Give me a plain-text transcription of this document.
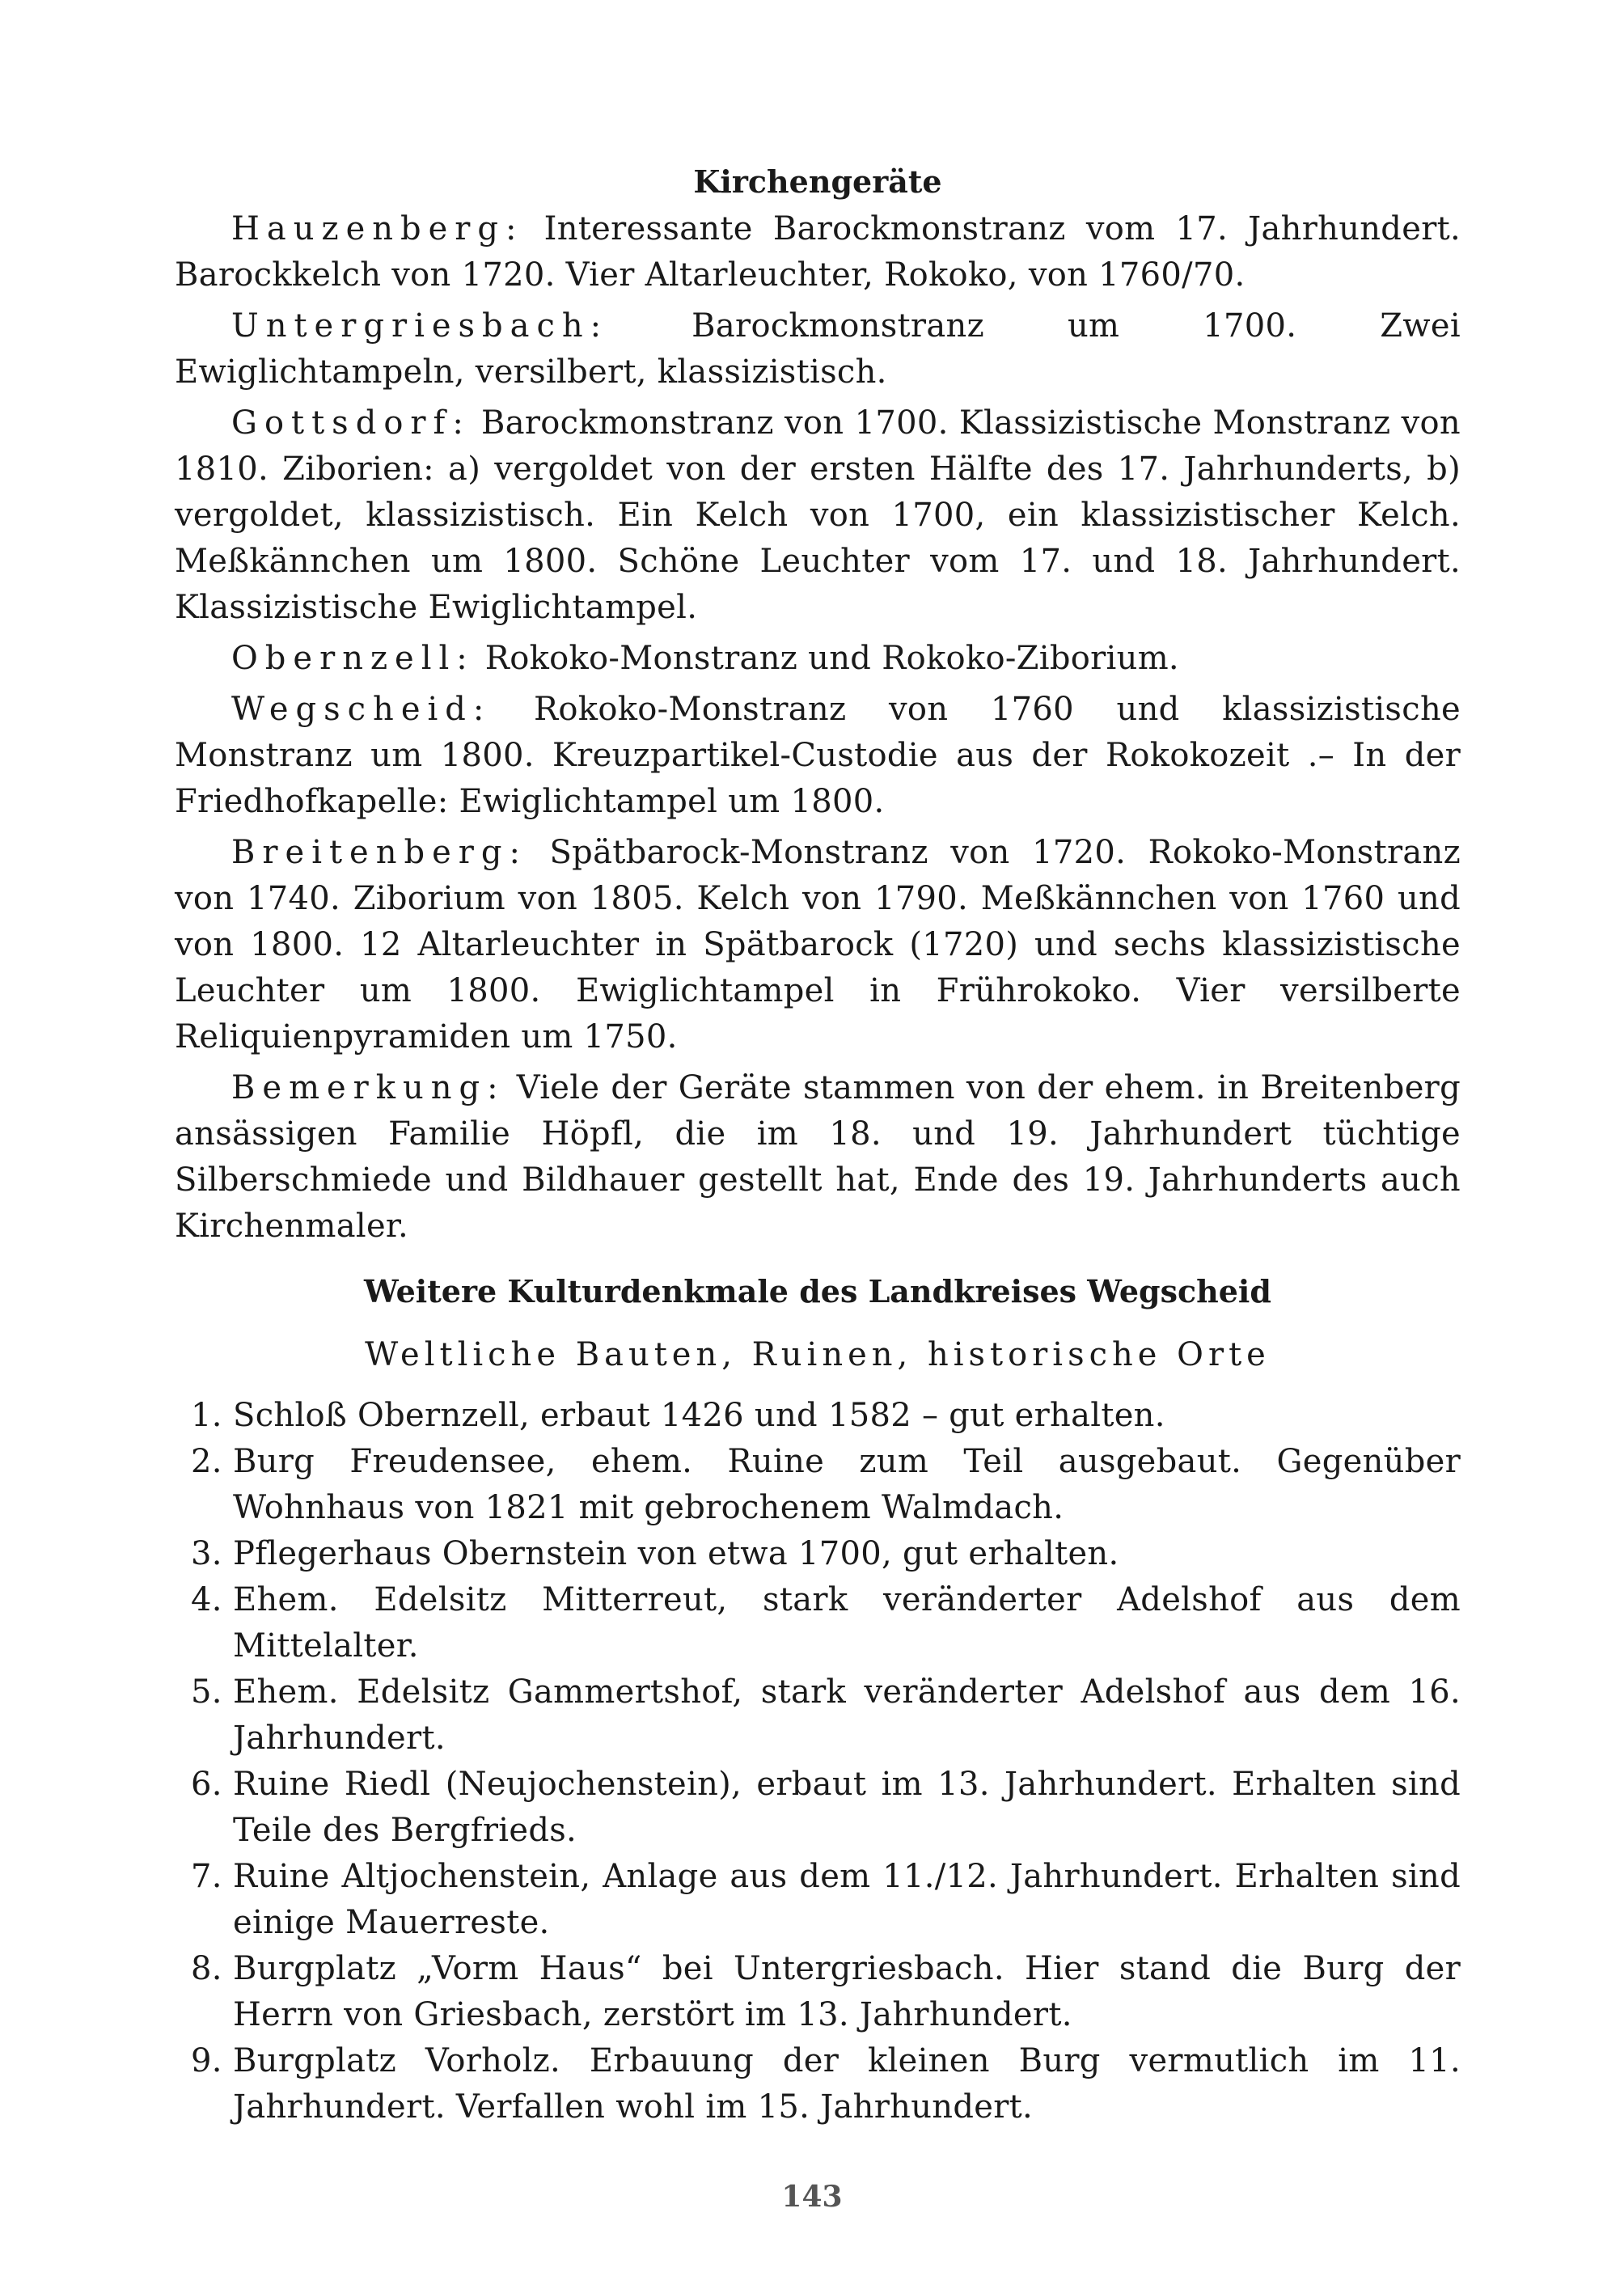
Kirchengeräte

Hauzenberg: Interessante Barockmonstranz vom 17. Jahrhundert. Barockkelch von 1720. Vier Altarleuchter, Rokoko, von 1760/70.

Untergriesbach: Barockmonstranz um 1700. Zwei Ewiglichtampeln, versilbert, klassizistisch.

Gottsdorf: Barockmonstranz von 1700. Klassizistische Monstranz von 1810. Ziborien: a) vergoldet von der ersten Hälfte des 17. Jahrhunderts, b) vergoldet, klassizistisch. Ein Kelch von 1700, ein klassizistischer Kelch. Meßkännchen um 1800. Schöne Leuchter vom 17. und 18. Jahrhundert. Klassizistische Ewiglichtampel.

Obernzell: Rokoko-Monstranz und Rokoko-Ziborium.

Wegscheid: Rokoko-Monstranz von 1760 und klassizistische Monstranz um 1800. Kreuzpartikel-Custodie aus der Rokokozeit .– In der Friedhofkapelle: Ewiglichtampel um 1800.

Breitenberg: Spätbarock-Monstranz von 1720. Rokoko-Monstranz von 1740. Ziborium von 1805. Kelch von 1790. Meßkännchen von 1760 und von 1800. 12 Altarleuchter in Spätbarock (1720) und sechs klassizistische Leuchter um 1800. Ewiglichtampel in Frührokoko. Vier versilberte Reliquienpyramiden um 1750.

Bemerkung: Viele der Geräte stammen von der ehem. in Breitenberg ansässigen Familie Höpfl, die im 18. und 19. Jahrhundert tüchtige Silberschmiede und Bildhauer gestellt hat, Ende des 19. Jahrhunderts auch Kirchenmaler.

Weitere Kulturdenkmale des Landkreises Wegscheid
Weltliche Bauten, Ruinen, historische Orte
1. Schloß Obernzell, erbaut 1426 und 1582 – gut erhalten.
2. Burg Freudensee, ehem. Ruine zum Teil ausgebaut. Gegenüber Wohnhaus von 1821 mit gebrochenem Walmdach.
3. Pflegerhaus Obernstein von etwa 1700, gut erhalten.
4. Ehem. Edelsitz Mitterreut, stark veränderter Adelshof aus dem Mittelalter.
5. Ehem. Edelsitz Gammertshof, stark veränderter Adelshof aus dem 16. Jahrhundert.
6. Ruine Riedl (Neujochenstein), erbaut im 13. Jahrhundert. Erhalten sind Teile des Bergfrieds.
7. Ruine Altjochenstein, Anlage aus dem 11./12. Jahrhundert. Erhalten sind einige Mauerreste.
8. Burgplatz „Vorm Haus“ bei Untergriesbach. Hier stand die Burg der Herrn von Griesbach, zerstört im 13. Jahrhundert.
9. Burgplatz Vorholz. Erbauung der kleinen Burg vermutlich im 11. Jahrhundert. Verfallen wohl im 15. Jahrhundert.
143
